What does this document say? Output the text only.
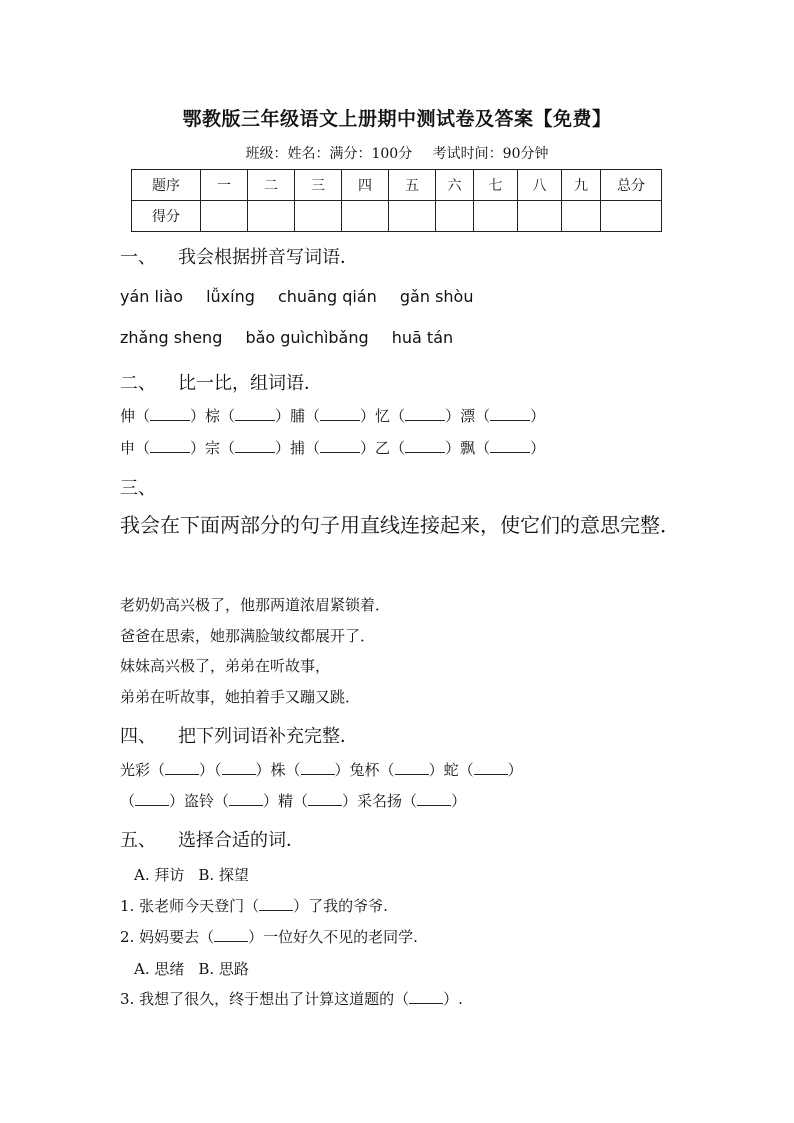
鄂教版三年级语文上册期中测试卷及答案【免费】
班级：姓名：满分：100分 考试时间：90分钟
题序	一	二	三	四	五	六	七	八	九	总分
得分										
一、 我会根据拼音写词语．
yán liào lǚxíng chuāng qián gǎn shòu
zhǎng sheng bǎo guìchìbǎng huā tán
二、 比一比，组词语．
伸（	）棕（	）脯（	）忆（	）漂（	）
申（	）宗（	）捕（	）乙（	）飘（	）
三、
我会在下面两部分的句子用直线连接起来，使它们的意思完整．
老奶奶高兴极了，他那两道浓眉紧锁着．
爸爸在思索，她那满脸皱纹都展开了．
妹妹高兴极了，弟弟在听故事，
弟弟在听故事，她拍着手又蹦又跳．
四、 把下列词语补充完整．
光彩（ ）（ ）株（ ）兔杯（ ）蛇（ ）
（ ）盗铃（ ）精（ ）采名扬（ ）
五、 选择合适的词．
A. 拜访 B. 探望
1. 张老师今天登门（ ）了我的爷爷.
2. 妈妈要去（ ）一位好久不见的老同学.
A. 思绪 B. 思路
3. 我想了很久，终于想出了计算这道题的（ ）.
